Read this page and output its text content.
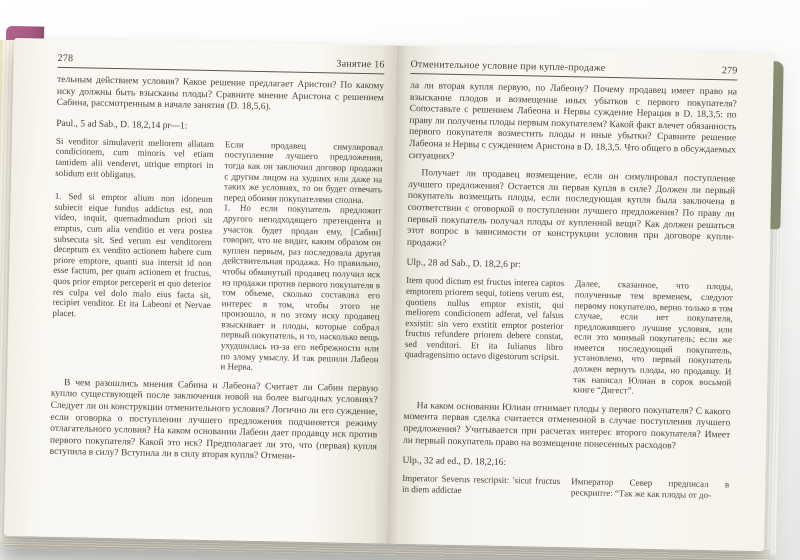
278	Занятие 16

тельным действием условия? Какое решение предлагает Аристон? По какому иску должны быть взысканы плоды? Сравните мнение Аристона с решением Сабина, рассмотренным в начале занятия (D. 18,5,6).

Paul., 5 ad Sab., D. 18,2,14 pr—1:

Si venditor simulaverit meliorem allatam condicionem, cum minoris vel etiam tantidem alii venderet, utrique emptori in solidum erit obligatus.

1. Sed si emptor alium non idoneum subiecit eique fundus addictus est, non video, inquit, quemadmodum priori sit emptus, cum alia venditio et vera postea subsecuta sit. Sed verum est venditorem deceptum ex vendito actionem habere cum priore emptore, quanti sua intersit id non esse factum, per quam actionem et fructus, quos prior emptor perceperit et quo deterior res culpa vel dolo malo eius facta sit, recipiet venditor. Et ita Labeoni et Nervae placet.

Если продавец симулировал поступление лучшего предложения, тогда как он заключил договор продажи с другим лицом на худших или даже на таких же условиях, то он будет отвечать перед обоими покупателями сполна.

1. Но если покупатель предложит другого неподходящего претендента и участок будет продан ему, [Сабин] говорит, что не видит, каким образом он куплен первым, раз последовала другая действительная продажа. Но правильно, чтобы обманутый продавец получил иск из продажи против первого покупателя в том объеме, сколько составлял его интерес в том, чтобы этого не произошло, и по этому иску продавец взыскивает и плоды, которые собрал первый покупатель, и то, насколько вещь ухудшилась из-за его небрежности или по злому умыслу. И так решили Лабеон и Нерва.

В чем разошлись мнения Сабина и Лабеона? Считает ли Сабин первую куплю существующей после заключения новой на более выгодных условиях? Следует ли он конструкции отменительного условия? Логично ли его суждение, если оговорка о поступлении лучшего предложения подчиняется режиму отлагательного условия? На каком основании Лабеон дает продавцу иск против первого покупателя? Какой это иск? Предполагает ли это, что (первая) купля вступила в силу? Вступила ли в силу вторая купля? Отмени-

Отменительное условие при купле-продаже	279

ла ли вторая купля первую, по Лабеону? Почему продавец имеет право на взыскание плодов и возмещение иных убытков с первого покупателя? Сопоставьте с решением Лабеона и Нервы суждение Нерация в D. 18,3,5: по праву ли получены плоды первым покупателем? Какой факт влечет обязанность первого покупателя возместить плоды и иные убытки? Сравните решение Лабеона и Нервы с суждением Аристона в D. 18,3,5. Что общего в обсуждаемых ситуациях?

Получает ли продавец возмещение, если он симулировал поступление лучшего предложения? Остается ли первая купля в силе? Должен ли первый покупатель возмещать плоды, если последующая купля была заключена в соответствии с оговоркой о поступлении лучшего предложения? По праву ли первый покупатель получал плоды от купленной вещи? Как должен решаться этот вопрос в зависимости от конструкции условия при договоре купли-продажи?

Ulp., 28 ad Sab., D. 18,2,6 pr:

Item quod dictum est fructus interea captos emptorem priorem sequi, totiens verum est, quotiens nullus emptor existit, qui meliorem condicionem adferat, vel falsus exsistit: sin vero exstitit emptor posterior fructus refundere priorem debere constat, sed venditori. Et ita Iulianus libro quadragensimo octavo digestorum scripsit.

Далее, сказанное, что плоды, полученные тем временем, следуют первому покупателю, верно только в том случае, если нет покупателя, предложившего лучшие условия, или если это мнимый покупатель; если же имеется последующий покупатель, установлено, что первый покупатель должен вернуть плоды, но продавцу. И так написал Юлиан в сорок восьмой книге “Дигест”.

На каком основании Юлиан отнимает плоды у первого покупателя? С какого момента первая сделка считается отмененной в случае поступления лучшего предложения? Учитывается при расчетах интерес второго покупателя? Имеет ли первый покупатель право на возмещение понесенных расходов?

Ulp., 32 ad ed., D. 18,2,16:

Imperator Severus rescripsit: 'sicut fructus in diem addictae	Император Север предписал в рескрипте: “Так же как плоды от до-
